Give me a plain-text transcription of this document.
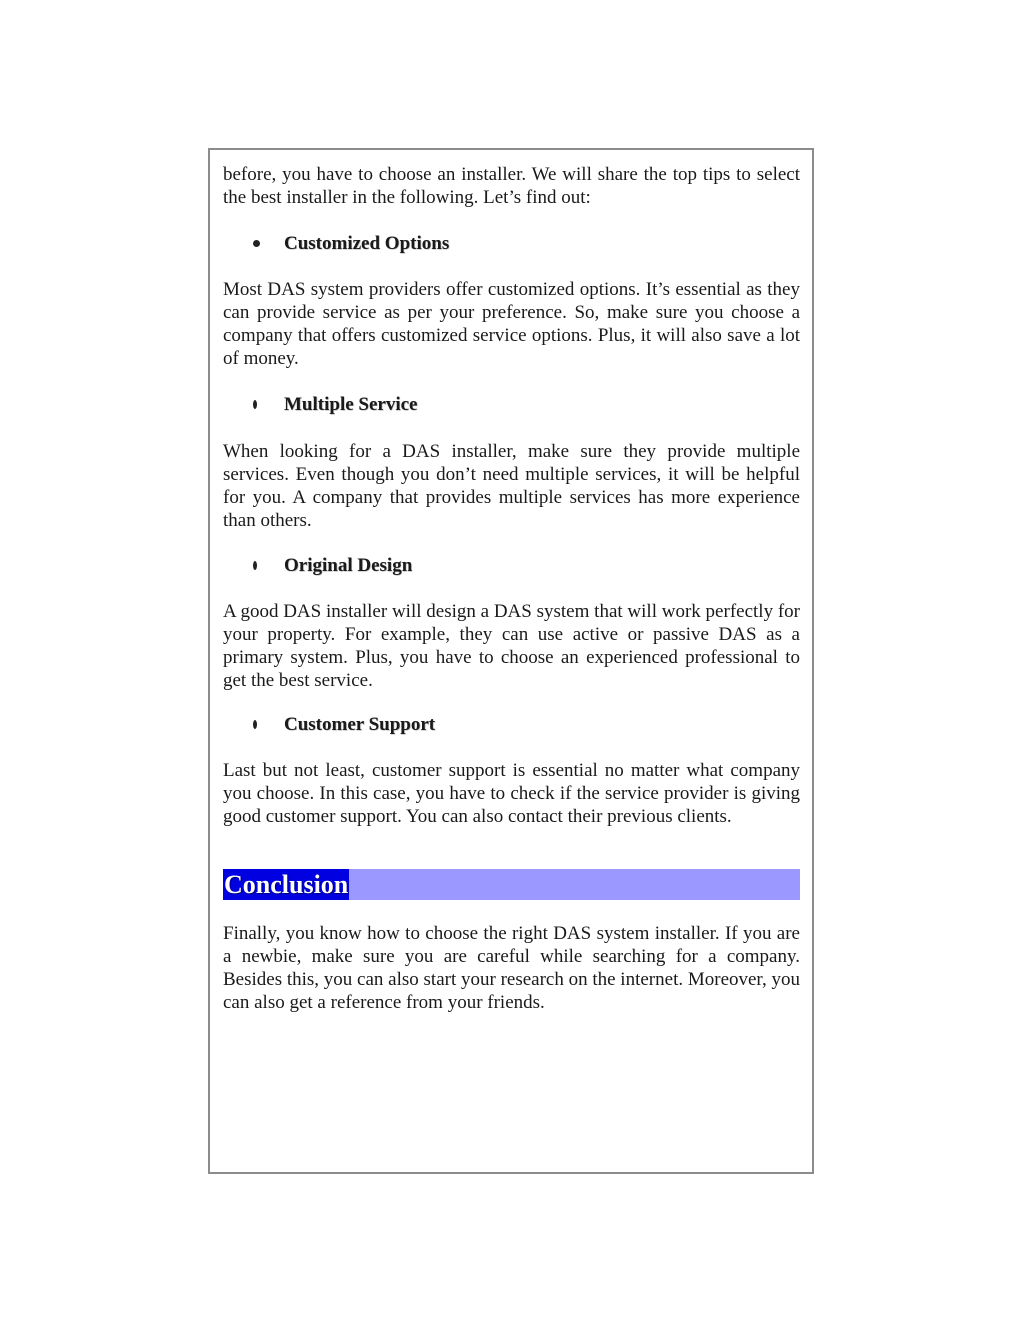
before, you have to choose an installer. We will share the top tips to select the best installer in the following. Let’s find out:

Customized Options

Most DAS system providers offer customized options. It’s essential as they can provide service as per your preference. So, make sure you choose a company that offers customized service options. Plus, it will also save a lot of money.

Multiple Service

When looking for a DAS installer, make sure they provide multiple services. Even though you don’t need multiple services, it will be helpful for you. A company that provides multiple services has more experience than others.

Original Design

A good DAS installer will design a DAS system that will work perfectly for your property. For example, they can use active or passive DAS as a primary system. Plus, you have to choose an experienced professional to get the best service.

Customer Support

Last but not least, customer support is essential no matter what company you choose. In this case, you have to check if the service provider is giving good customer support. You can also contact their previous clients.

Conclusion

Finally, you know how to choose the right DAS system installer. If you are a newbie, make sure you are careful while searching for a company. Besides this, you can also start your research on the internet. Moreover, you can also get a reference from your friends.
